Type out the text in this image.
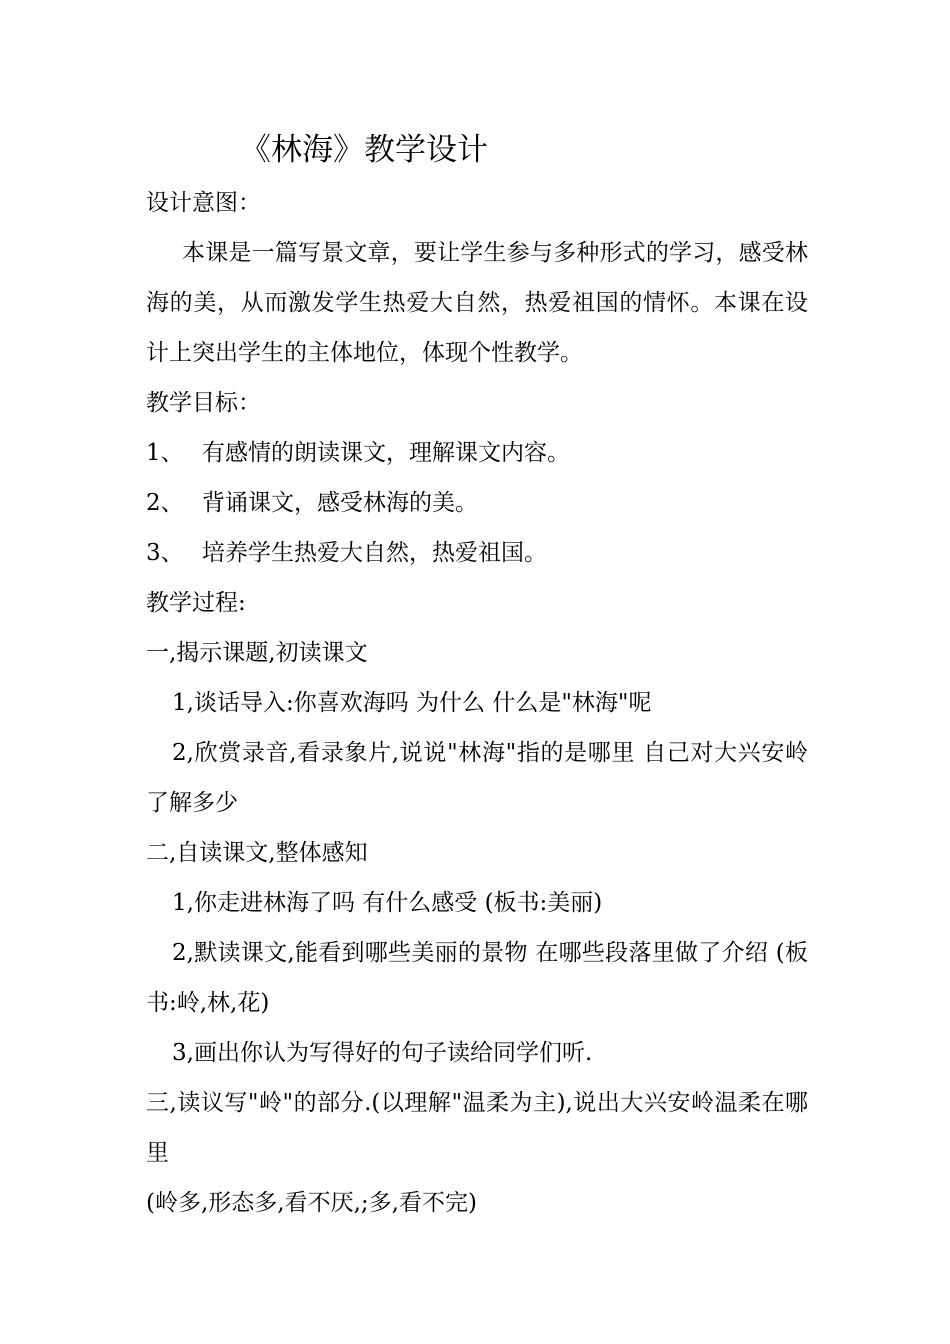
《林海》教学设计

设计意图：

本课是一篇写景文章，要让学生参与多种形式的学习，感受林海的美，从而激发学生热爱大自然，热爱祖国的情怀。本课在设计上突出学生的主体地位，体现个性教学。

教学目标：

1、 有感情的朗读课文，理解课文内容。

2、 背诵课文，感受林海的美。

3、 培养学生热爱大自然，热爱祖国。

教学过程:

一,揭示课题,初读课文

1,谈话导入:你喜欢海吗 为什么 什么是"林海"呢

2,欣赏录音,看录象片,说说"林海"指的是哪里 自己对大兴安岭了解多少

二,自读课文,整体感知

1,你走进林海了吗 有什么感受 (板书:美丽)

2,默读课文,能看到哪些美丽的景物 在哪些段落里做了介绍 (板书:岭,林,花)

3,画出你认为写得好的句子读给同学们听.

三,读议写"岭"的部分.(以理解"温柔为主),说出大兴安岭温柔在哪里

(岭多,形态多,看不厌,;多,看不完)
